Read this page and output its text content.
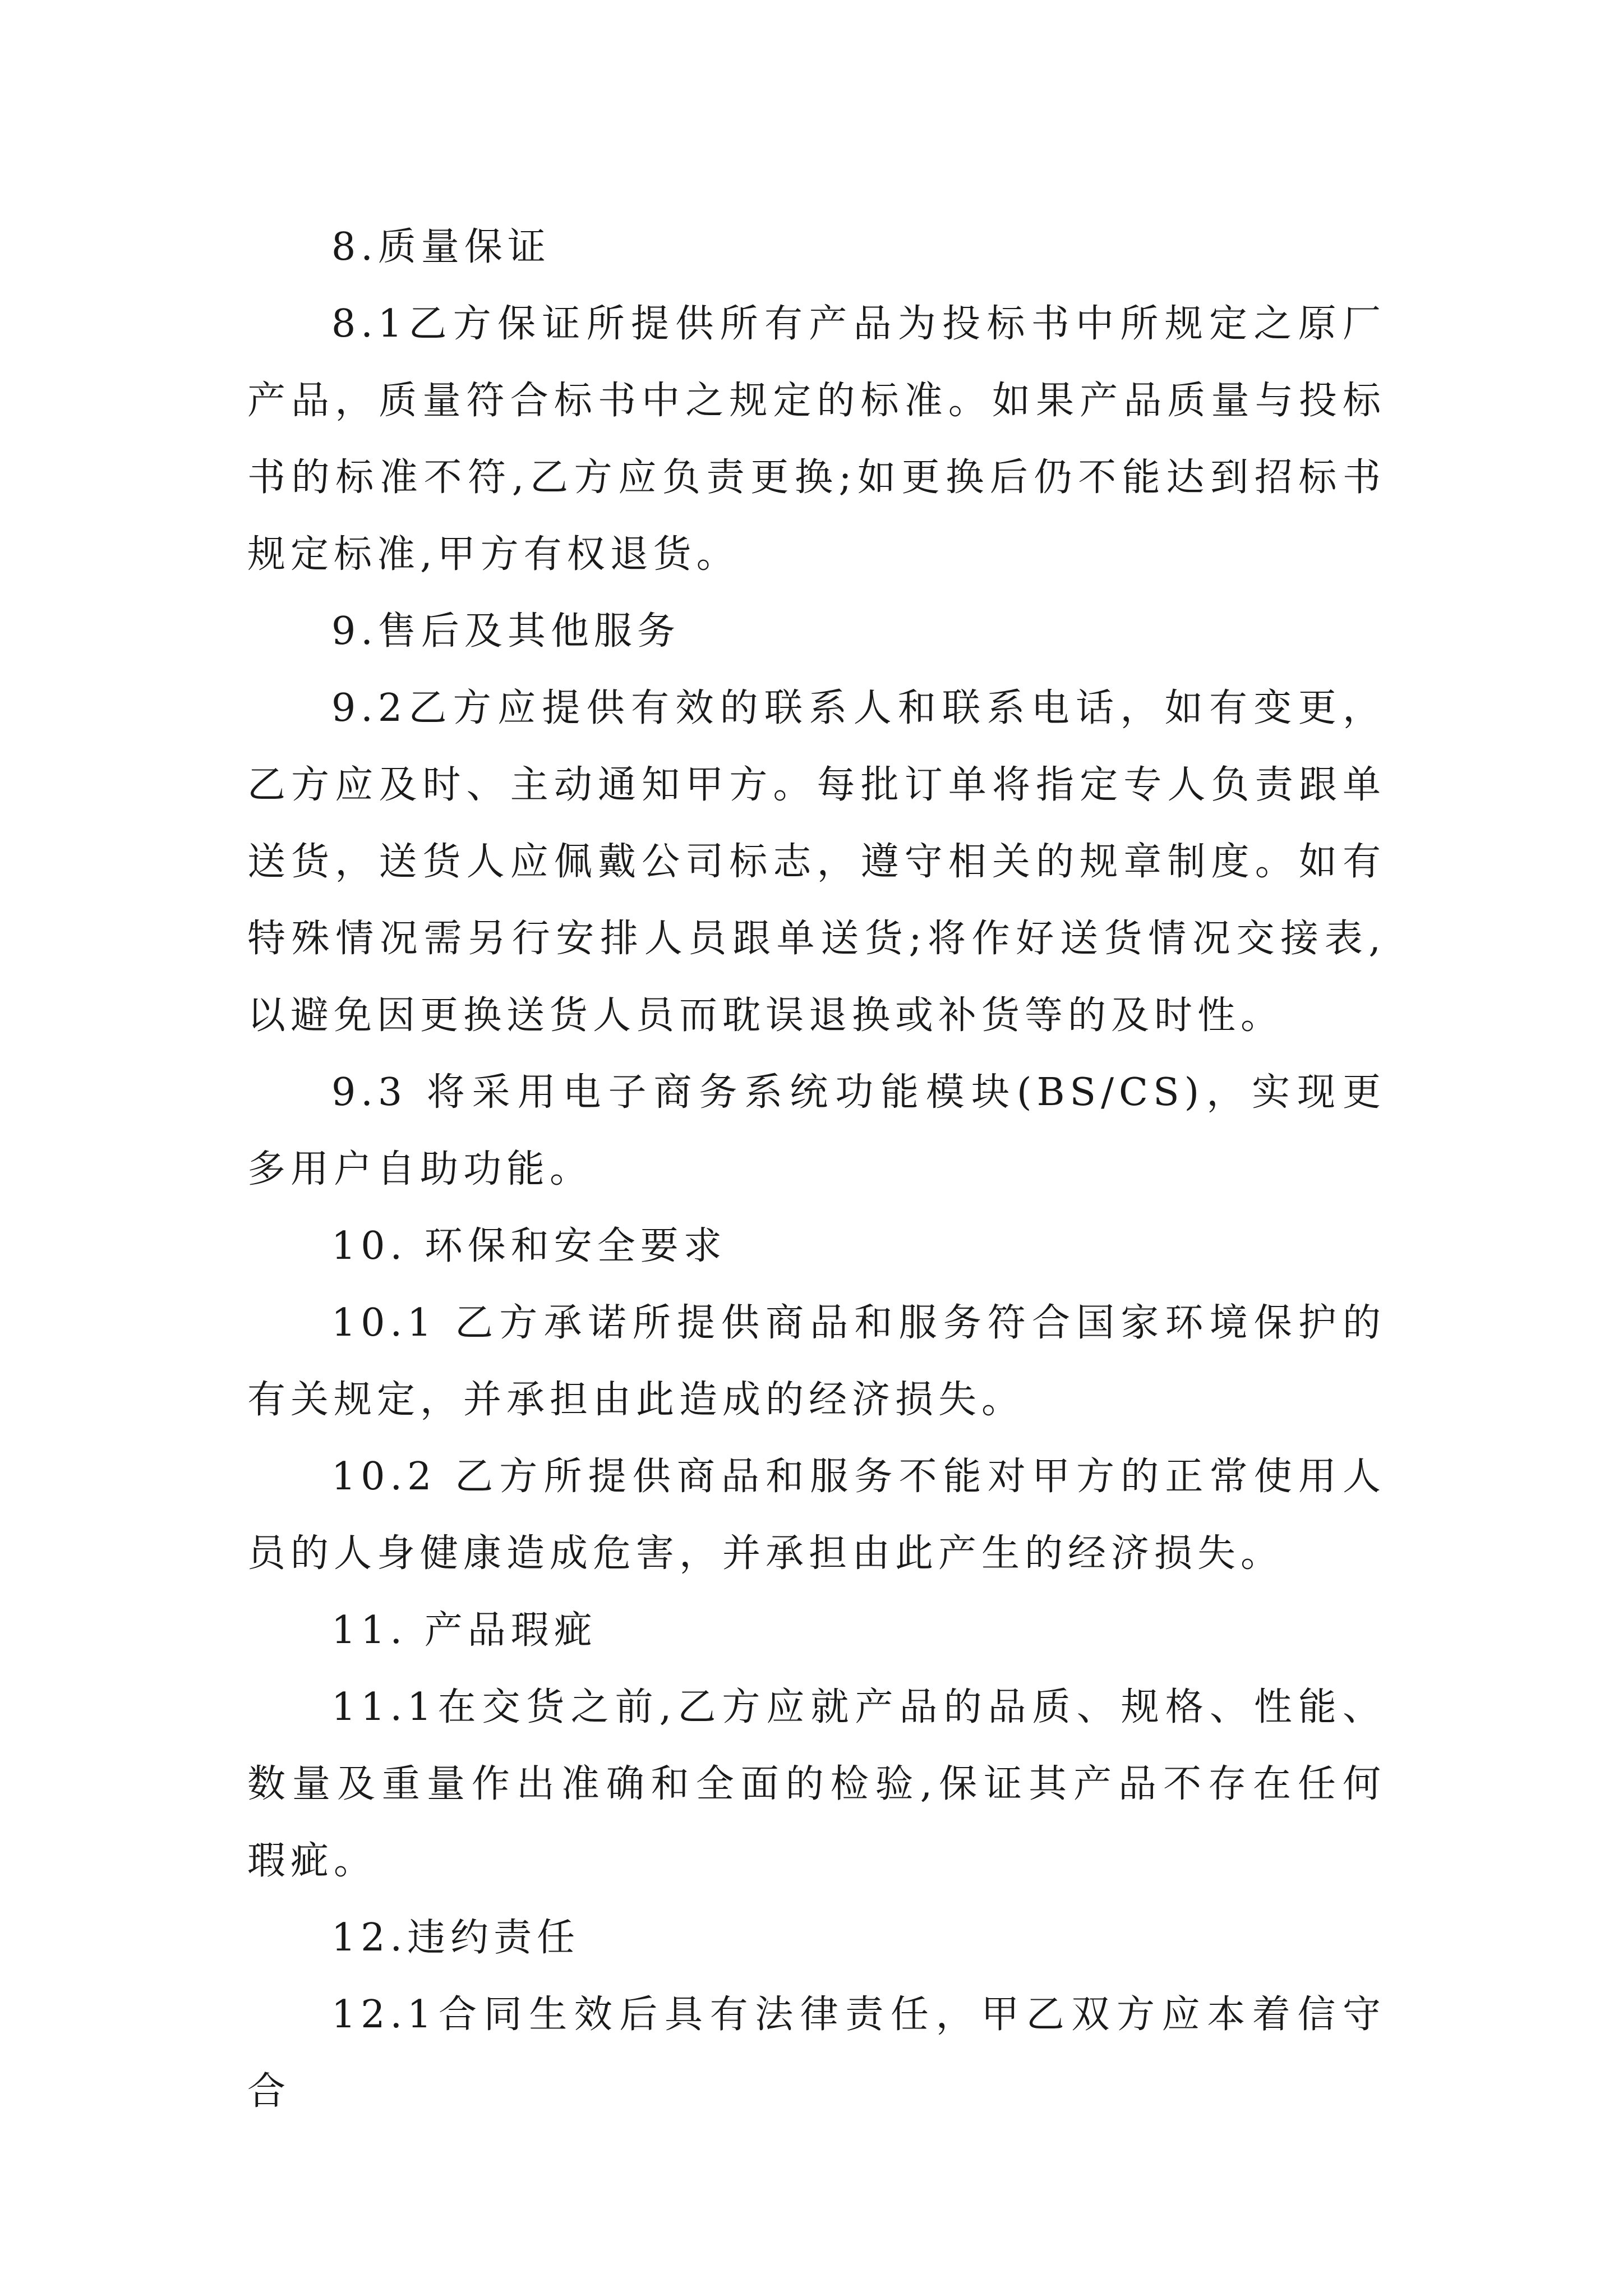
8.质量保证

8.1乙方保证所提供所有产品为投标书中所规定之原厂产品，质量符合标书中之规定的标准。如果产品质量与投标书的标准不符,乙方应负责更换;如更换后仍不能达到招标书规定标准,甲方有权退货。

9.售后及其他服务

9.2乙方应提供有效的联系人和联系电话，如有变更，乙方应及时、主动通知甲方。每批订单将指定专人负责跟单送货，送货人应佩戴公司标志，遵守相关的规章制度。如有特殊情况需另行安排人员跟单送货;将作好送货情况交接表,以避免因更换送货人员而耽误退换或补货等的及时性。

9.3 将采用电子商务系统功能模块(BS/CS)，实现更多用户自助功能。

10. 环保和安全要求

10.1 乙方承诺所提供商品和服务符合国家环境保护的有关规定，并承担由此造成的经济损失。

10.2 乙方所提供商品和服务不能对甲方的正常使用人员的人身健康造成危害，并承担由此产生的经济损失。

11. 产品瑕疵

11.1在交货之前,乙方应就产品的品质、规格、性能、数量及重量作出准确和全面的检验,保证其产品不存在任何瑕疵。

12.违约责任

12.1合同生效后具有法律责任，甲乙双方应本着信守合
